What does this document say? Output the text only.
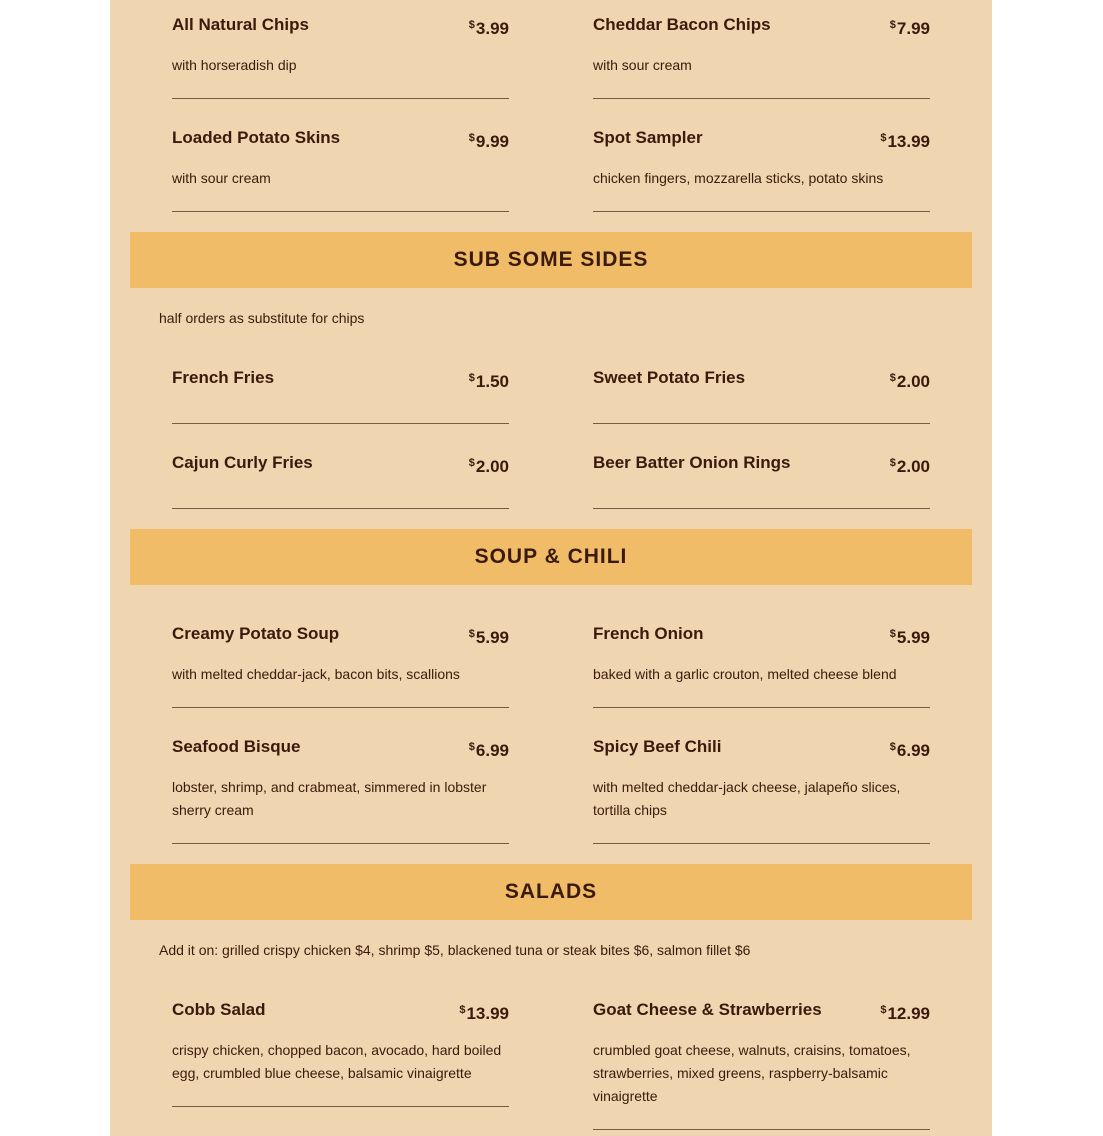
All Natural Chips	$3.99
with horseradish dip
Cheddar Bacon Chips	$7.99
with sour cream
Loaded Potato Skins	$9.99
with sour cream
Spot Sampler	$13.99
chicken fingers, mozzarella sticks, potato skins
SUB SOME SIDES
half orders as substitute for chips
French Fries	$1.50	Sweet Potato Fries	$2.00
Cajun Curly Fries	$2.00	Beer Batter Onion Rings	$2.00
SOUP & CHILI
Creamy Potato Soup	$5.99
with melted cheddar-jack, bacon bits, scallions
French Onion	$5.99
baked with a garlic crouton, melted cheese blend
Seafood Bisque	$6.99
lobster, shrimp, and crabmeat, simmered in lobster sherry cream
Spicy Beef Chili	$6.99
with melted cheddar-jack cheese, jalapeño slices, tortilla chips
SALADS
Add it on: grilled crispy chicken $4, shrimp $5, blackened tuna or steak bites $6, salmon fillet $6
Cobb Salad	$13.99
crispy chicken, chopped bacon, avocado, hard boiled egg, crumbled blue cheese, balsamic vinaigrette
Goat Cheese & Strawberries	$12.99
crumbled goat cheese, walnuts, craisins, tomatoes, strawberries, mixed greens, raspberry-balsamic vinaigrette
